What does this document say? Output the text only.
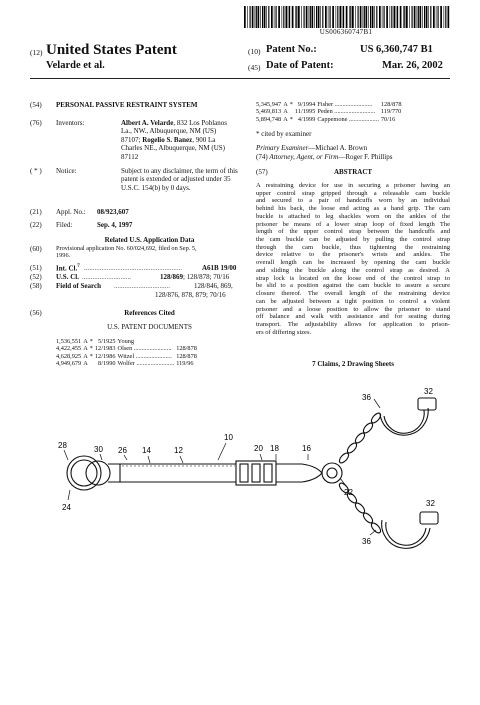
US006360747B1
(12) United States Patent
Velarde et al.
(10) Patent No.:	US 6,360,747 B1
(45) Date of Patent:	Mar. 26, 2002
(54) PERSONAL PASSIVE RESTRAINT SYSTEM
(76) Inventors:	Albert A. Velarde, 832 Los Poblanos
La., NW., Albuquerque, NM (US)
87107; Rogelio S. Banez, 900 La
Charles NE., Albuquerque, NM (US)
87112
( * ) Notice:	Subject to any disclaimer, the term of this
patent is extended or adjusted under 35
U.S.C. 154(b) by 0 days.
(21) Appl. No.: 08/923,607
(22) Filed:	Sep. 4, 1997
Related U.S. Application Data
(60) Provisional application No. 60/024,692, filed on Sep. 5,
1996.
(51) Int. Cl.$^7$ ........................................................	A61B 19/00
(52) U.S. Cl. ............................	128/869; 128/878; 70/16
(58) Field of Search ................................	128/846, 869,
128/876, 878, 879; 70/16
(56)	References Cited
U.S. PATENT DOCUMENTS
1,536,551	A	*	5/1925	Young	
4,422,455	A	*	12/1983	Olsen ........................	128/878
4,628,925	A	*	12/1986	Witzel .......................	128/878
4,949,679	A		8/1990	Wolfer ........................	119/96
5,345,947	A	*	9/1994	Fisher ........................	128/878
5,469,813	A		11/1995	Peden ..........................	119/770
5,894,748	A	*	4/1999	Cappemone ...................	70/16
* cited by examiner
Primary Examiner—Michael A. Brown
(74) Attorney, Agent, or Firm—Roger F. Phillips
(57)	ABSTRACT
A restraining device for use in securing a prisoner having an
upper control strap gripped through a releasable cam buckle
and secured to a pair of handcuffs worn by an individual
behind his back, the loose end acting as a hand grip. The cam
buckle is attached to leg shackles worn on the ankles of the
prisoner be means of a lower strap loop of fixed length The
length of the upper control strap between the handcuffs and
the cam buckle can be adjusted by pulling the control strap
through the cam buckle, thus tightening the restraining
device relative to the prisoner's wrists and ankles. The
overall length can be increased by opening the cam buckle
and sliding the buckle along the control strap as desired. A
strap lock is located on the loose end of the control strap to
be slid to a position against the cam buckle to assure a secure
closure thereof. The overall length of the restraining device
can be adjusted between a tight position to control a violent
prisoner and a loose position to allow the prisoner to stand
off balance and walk with assistance and for seating during
transport. The adjustability allows for application to prison-
ers of differing sizes.
7 Claims, 2 Drawing Sheets
10
12
14	16
18
20
22
24
26
28	30
32
32
36
36
